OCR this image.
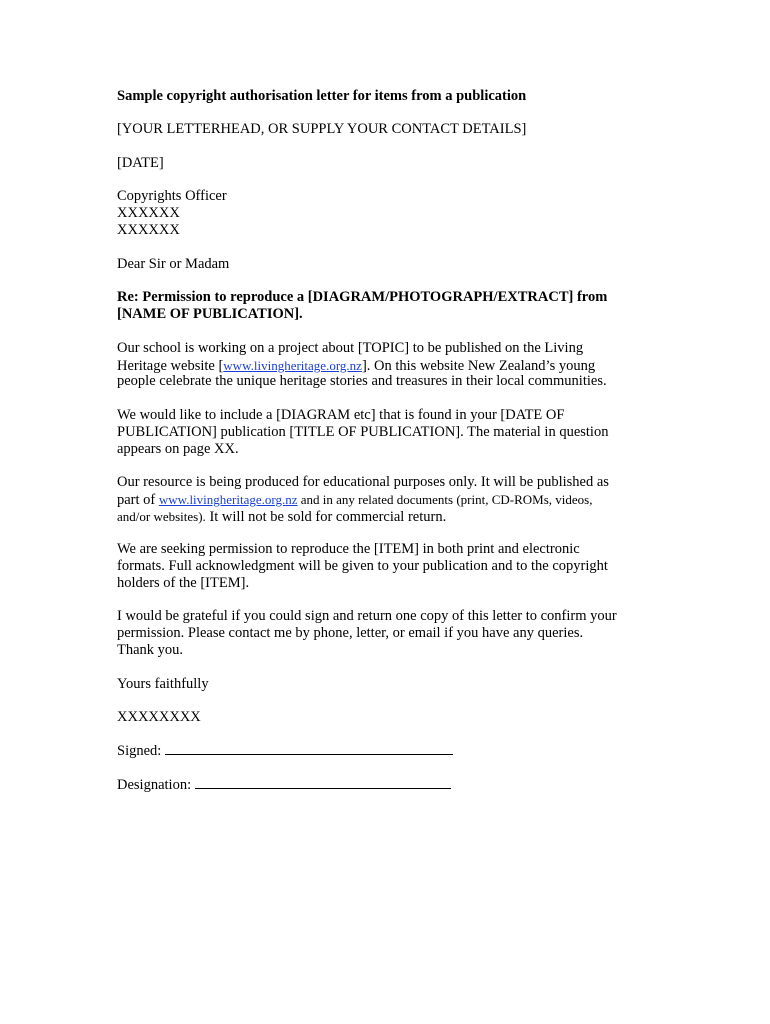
Sample copyright authorisation letter for items from a publication
[YOUR LETTERHEAD, OR SUPPLY YOUR CONTACT DETAILS]
[DATE]
Copyrights Officer
XXXXXX
XXXXXX
Dear Sir or Madam
Re: Permission to reproduce a [DIAGRAM/PHOTOGRAPH/EXTRACT] from
[NAME OF PUBLICATION].
Our school is working on a project about [TOPIC] to be published on the Living
Heritage website [www.livingheritage.org.nz]. On this website New Zealand’s young
people celebrate the unique heritage stories and treasures in their local communities.
We would like to include a [DIAGRAM etc] that is found in your [DATE OF
PUBLICATION] publication [TITLE OF PUBLICATION]. The material in question
appears on page XX.
Our resource is being produced for educational purposes only. It will be published as
part of www.livingheritage.org.nz and in any related documents (print, CD-ROMs, videos,
and/or websites). It will not be sold for commercial return.
We are seeking permission to reproduce the [ITEM] in both print and electronic
formats. Full acknowledgment will be given to your publication and to the copyright
holders of the [ITEM].
I would be grateful if you could sign and return one copy of this letter to confirm your
permission. Please contact me by phone, letter, or email if you have any queries.
Thank you.
Yours faithfully
XXXXXXXX
Signed:
Designation:
